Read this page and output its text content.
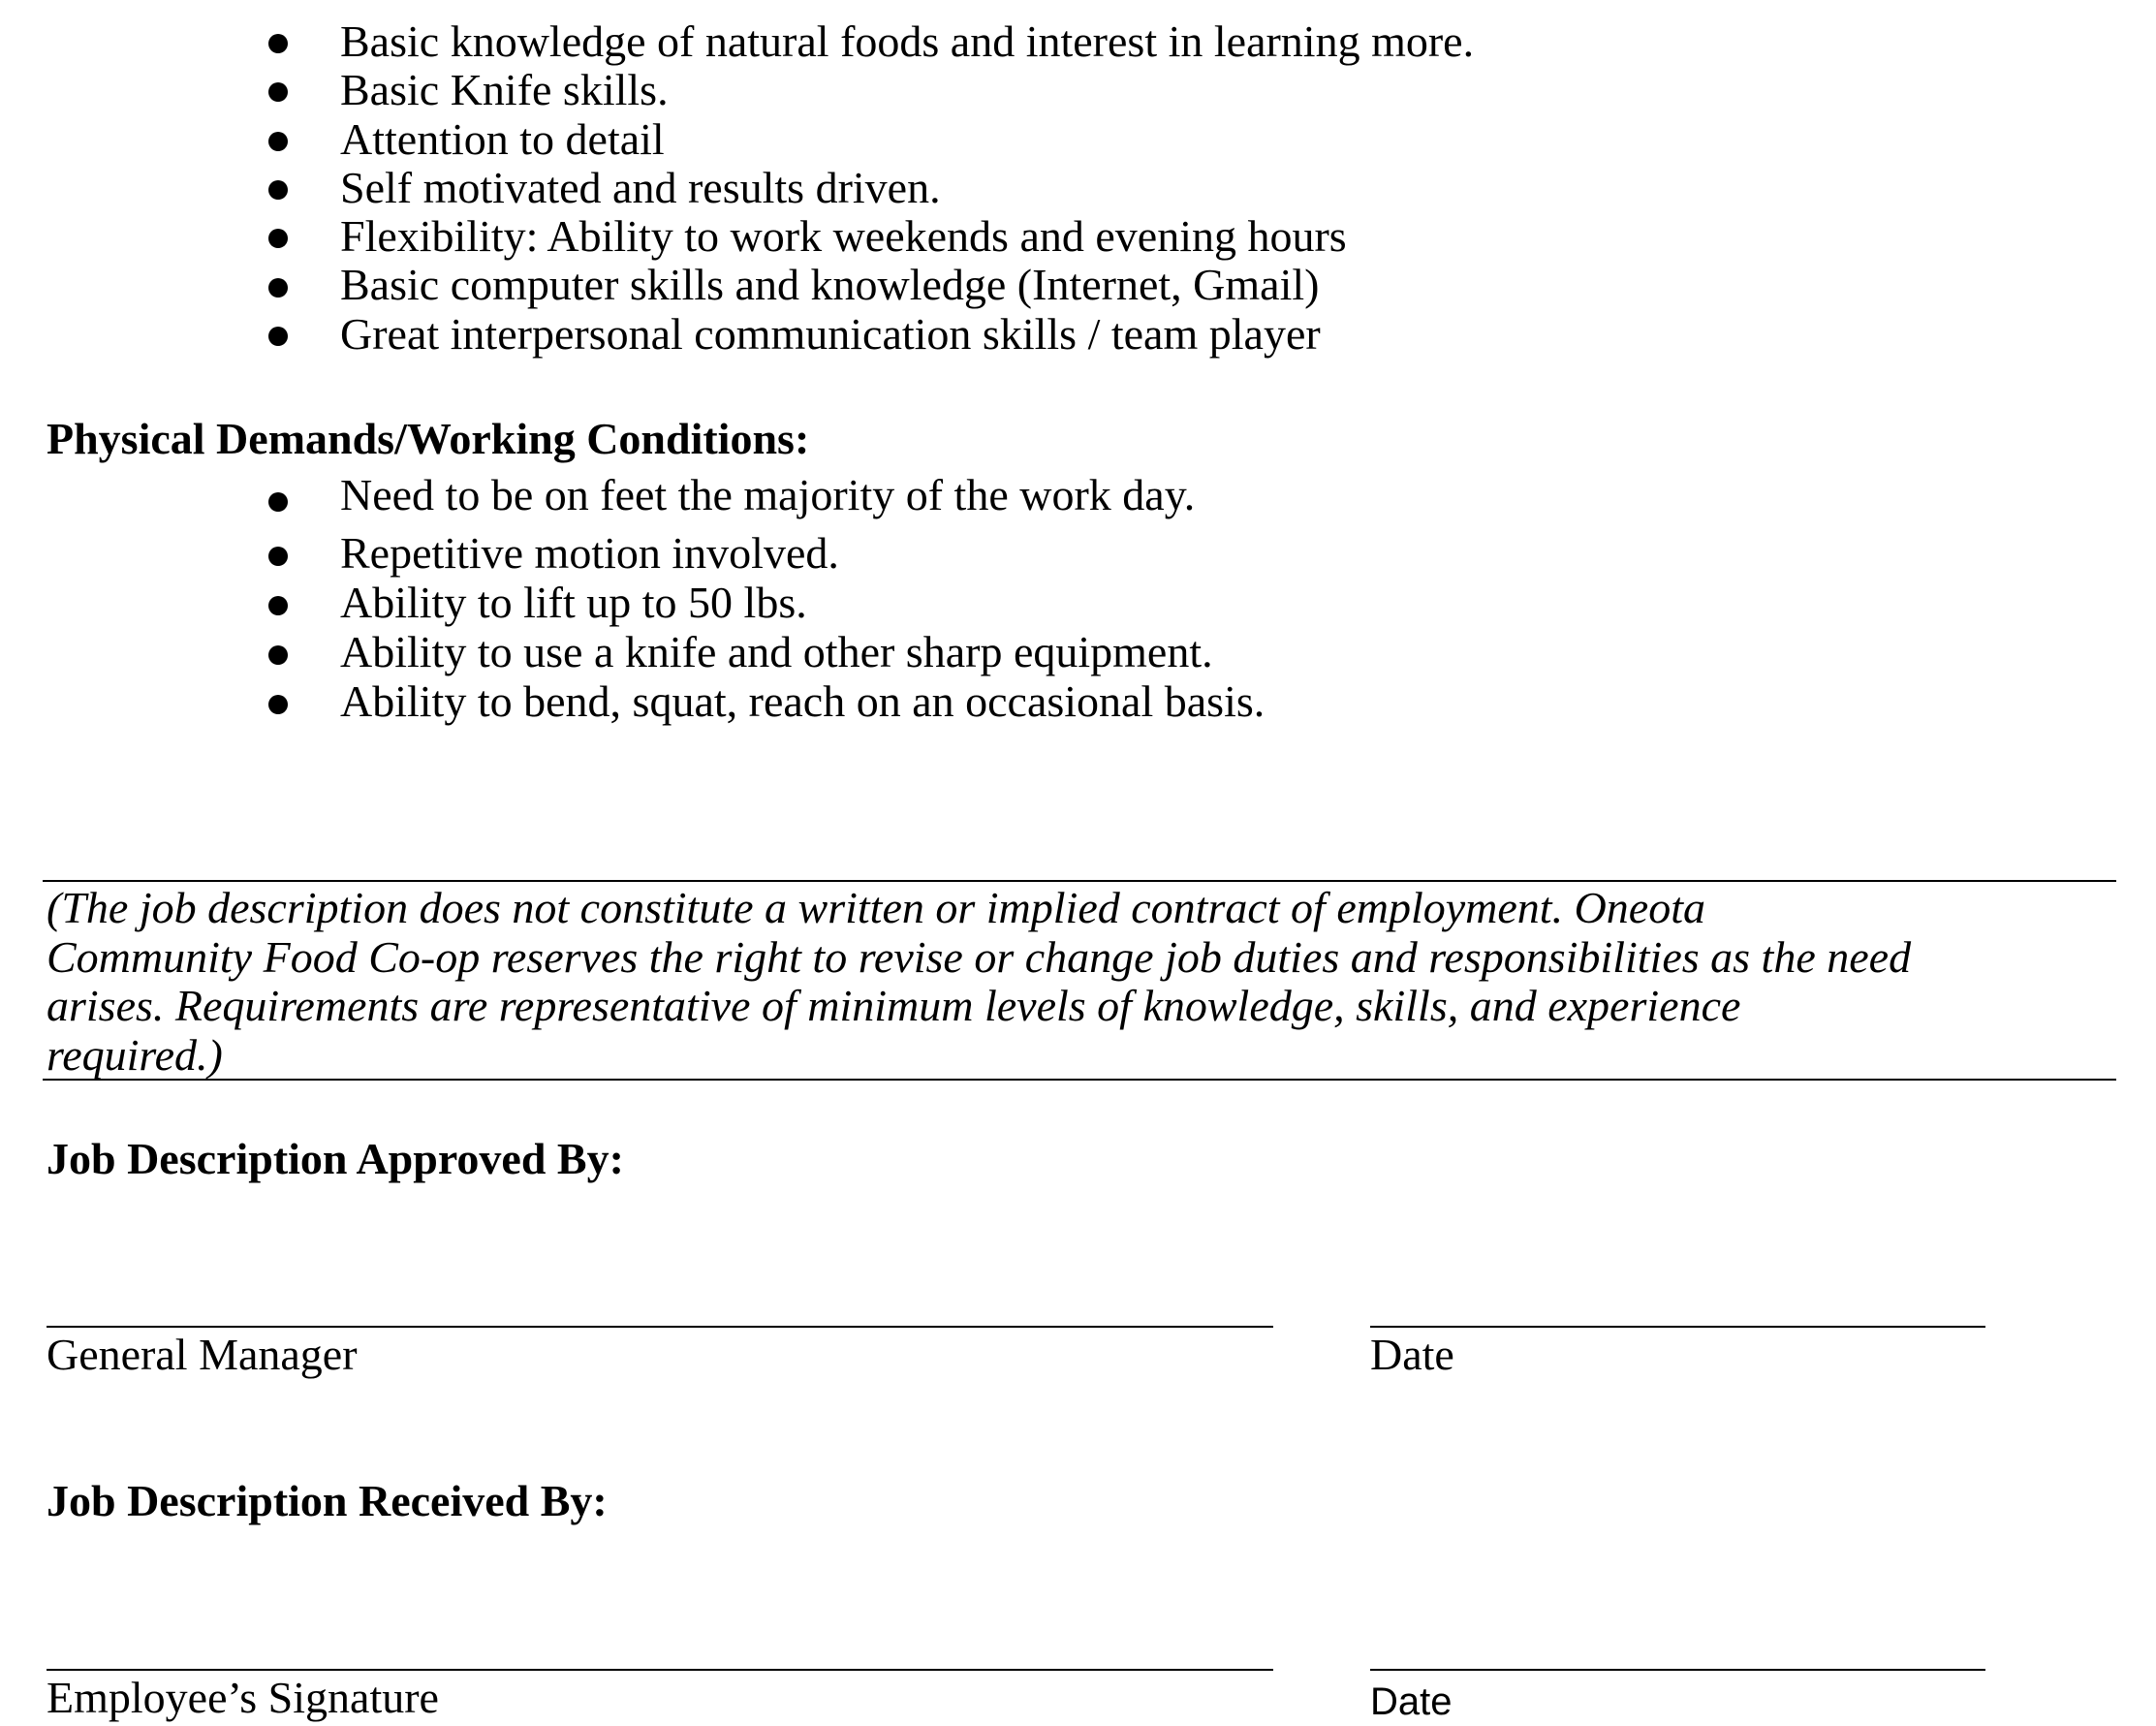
Basic knowledge of natural foods and interest in learning more.
Basic Knife skills.
Attention to detail
Self motivated and results driven.
Flexibility: Ability to work weekends and evening hours
Basic computer skills and knowledge (Internet, Gmail)
Great interpersonal communication skills / team player
Physical Demands/Working Conditions:
Need to be on feet the majority of the work day.
Repetitive motion involved.
Ability to lift up to 50 lbs.
Ability to use a knife and other sharp equipment.
Ability to bend, squat, reach on an occasional basis.
(The job description does not constitute a written or implied contract of employment. Oneota
Community Food Co-op reserves the right to revise or change job duties and responsibilities as the need
arises. Requirements are representative of minimum levels of knowledge, skills, and experience
required.)
Job Description Approved By:
General Manager	Date
Job Description Received By:
Employee’s Signature	Date
